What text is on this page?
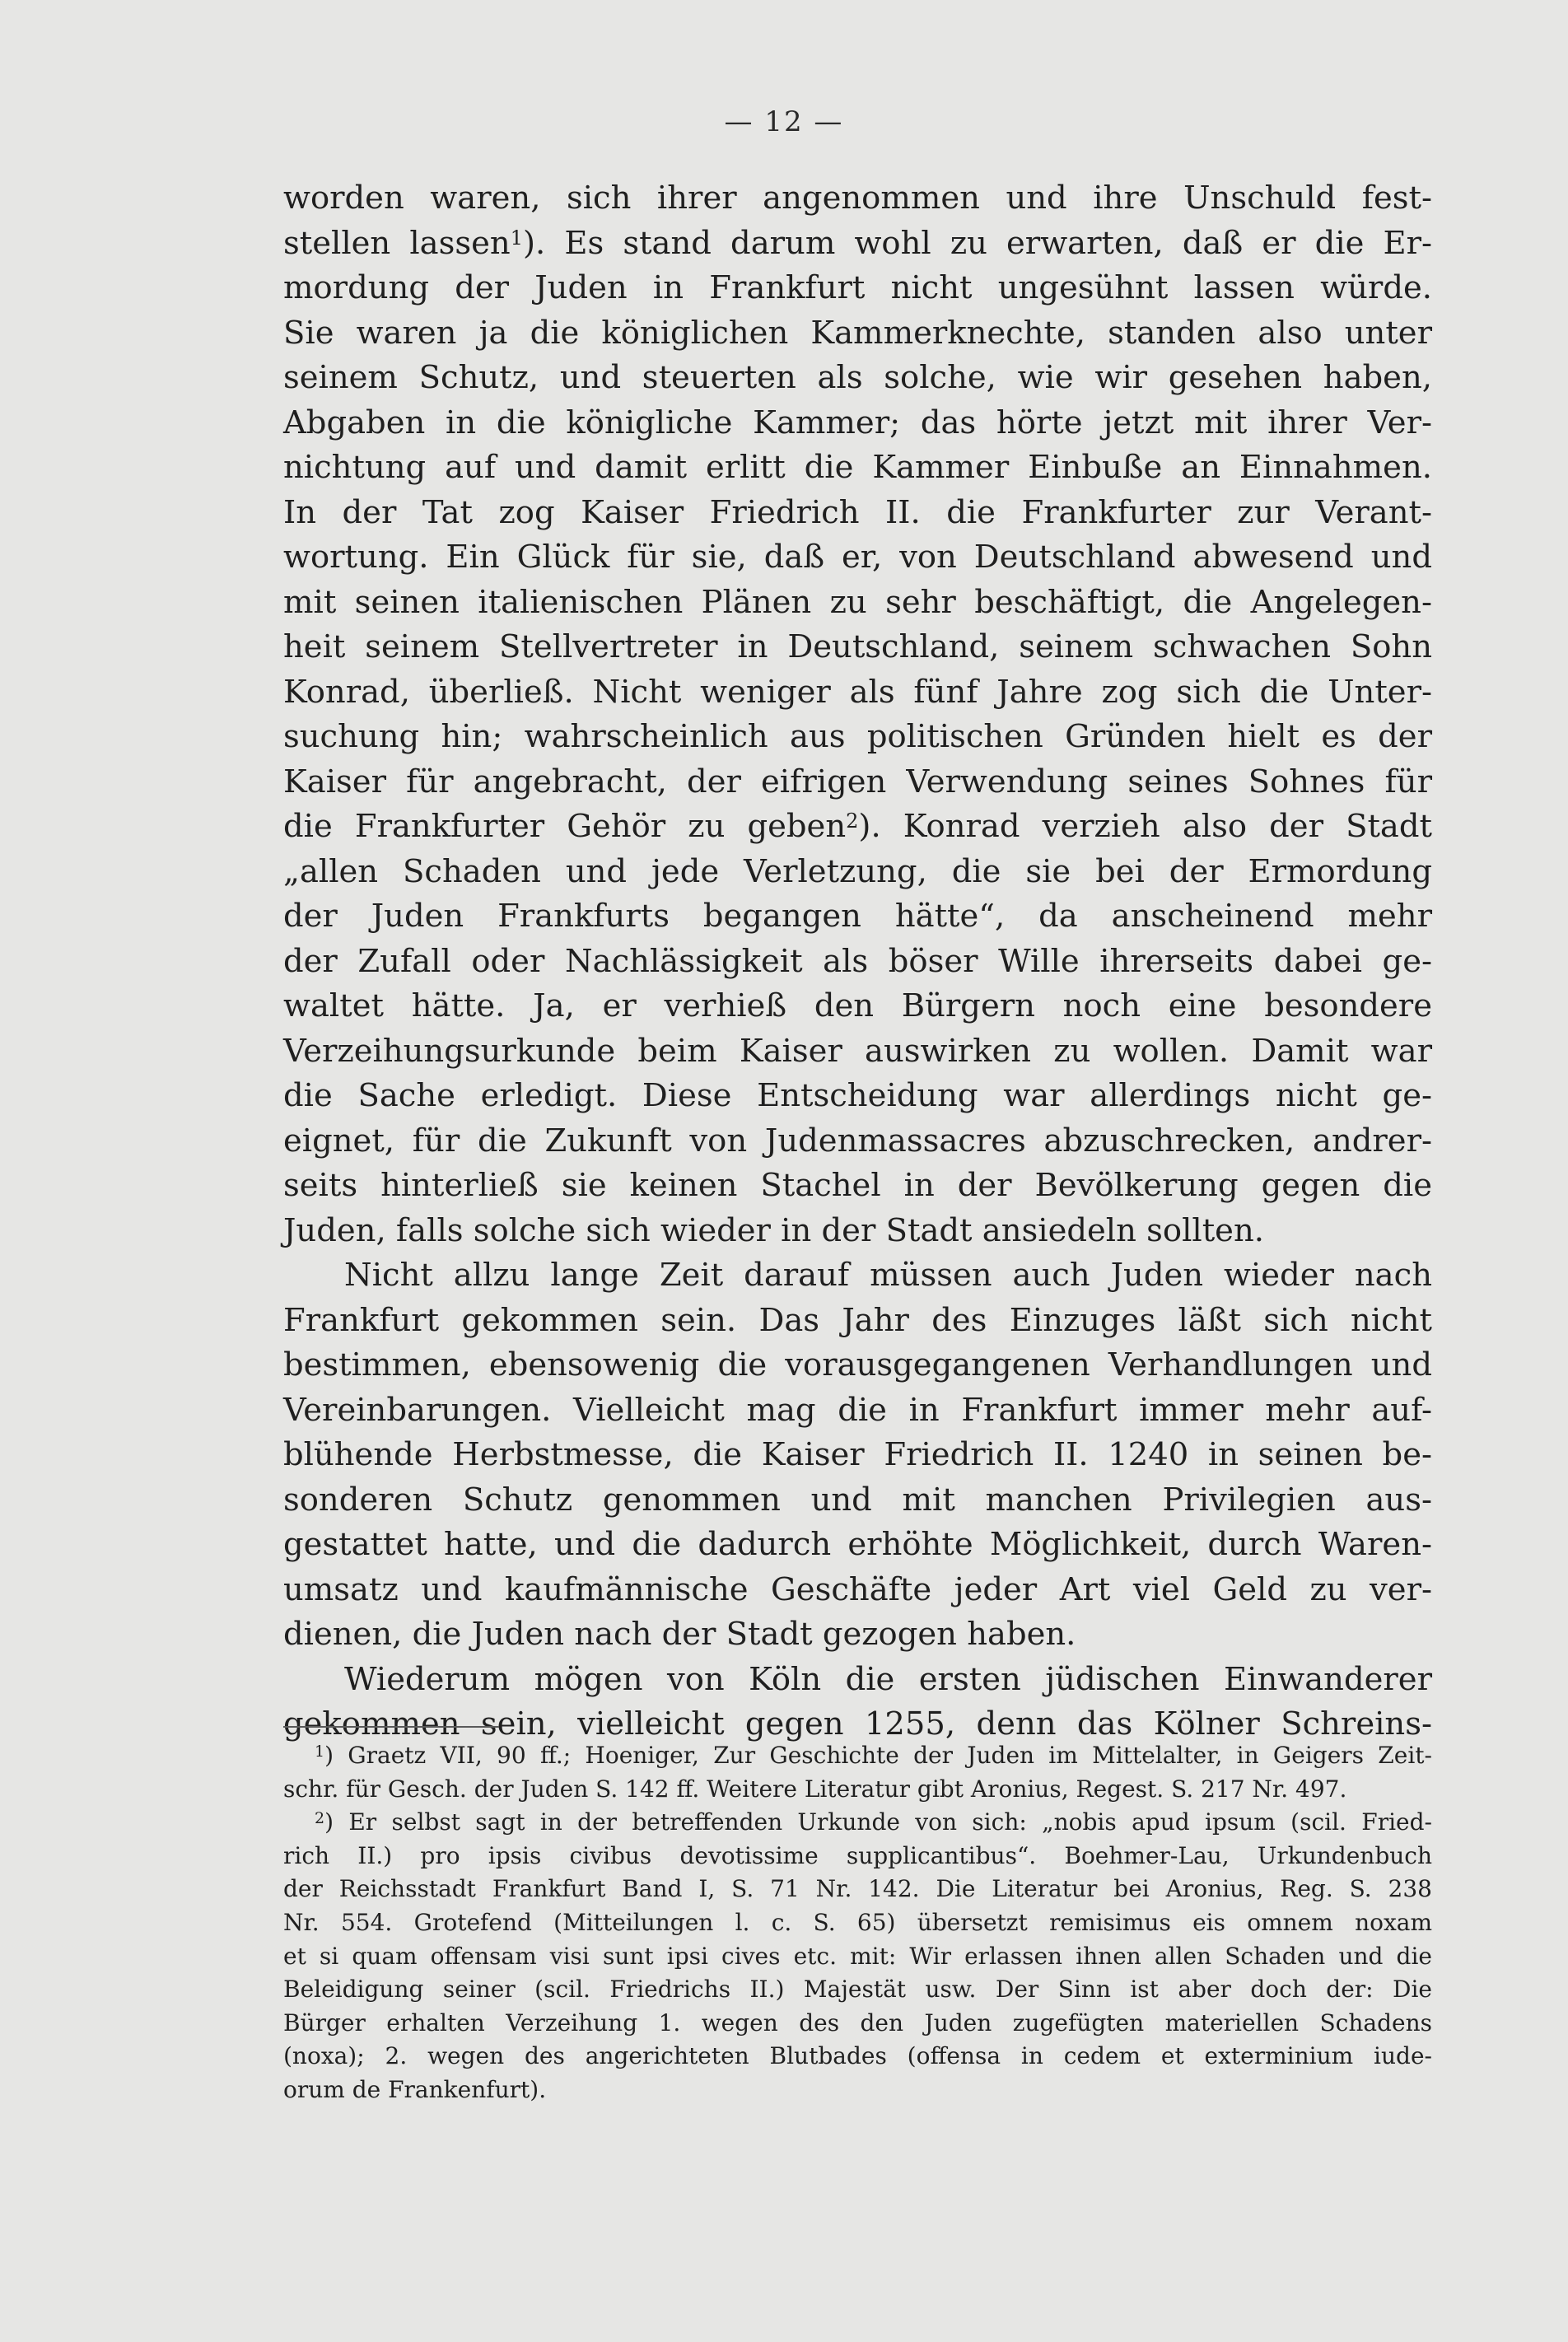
— 12 —
worden waren, sich ihrer angenommen und ihre Unschuld fest-
stellen lassen$^1$). Es stand darum wohl zu erwarten, daß er die Er-
mordung der Juden in Frankfurt nicht ungesühnt lassen würde.
Sie waren ja die königlichen Kammerknechte, standen also unter
seinem Schutz, und steuerten als solche, wie wir gesehen haben,
Abgaben in die königliche Kammer; das hörte jetzt mit ihrer Ver-
nichtung auf und damit erlitt die Kammer Einbuße an Einnahmen.
In der Tat zog Kaiser Friedrich II. die Frankfurter zur Verant-
wortung. Ein Glück für sie, daß er, von Deutschland abwesend und
mit seinen italienischen Plänen zu sehr beschäftigt, die Angelegen-
heit seinem Stellvertreter in Deutschland, seinem schwachen Sohn
Konrad, überließ. Nicht weniger als fünf Jahre zog sich die Unter-
suchung hin; wahrscheinlich aus politischen Gründen hielt es der
Kaiser für angebracht, der eifrigen Verwendung seines Sohnes für
die Frankfurter Gehör zu geben$^2$). Konrad verzieh also der Stadt
„allen Schaden und jede Verletzung, die sie bei der Ermordung
der Juden Frankfurts begangen hätte“, da anscheinend mehr
der Zufall oder Nachlässigkeit als böser Wille ihrerseits dabei ge-
waltet hätte. Ja, er verhieß den Bürgern noch eine besondere
Verzeihungsurkunde beim Kaiser auswirken zu wollen. Damit war
die Sache erledigt. Diese Entscheidung war allerdings nicht ge-
eignet, für die Zukunft von Judenmassacres abzuschrecken, andrer-
seits hinterließ sie keinen Stachel in der Bevölkerung gegen die
Juden, falls solche sich wieder in der Stadt ansiedeln sollten.
Nicht allzu lange Zeit darauf müssen auch Juden wieder nach
Frankfurt gekommen sein. Das Jahr des Einzuges läßt sich nicht
bestimmen, ebensowenig die vorausgegangenen Verhandlungen und
Vereinbarungen. Vielleicht mag die in Frankfurt immer mehr auf-
blühende Herbstmesse, die Kaiser Friedrich II. 1240 in seinen be-
sonderen Schutz genommen und mit manchen Privilegien aus-
gestattet hatte, und die dadurch erhöhte Möglichkeit, durch Waren-
umsatz und kaufmännische Geschäfte jeder Art viel Geld zu ver-
dienen, die Juden nach der Stadt gezogen haben.
Wiederum mögen von Köln die ersten jüdischen Einwanderer
gekommen sein, vielleicht gegen 1255, denn das Kölner Schreins-
$^1$) Graetz VII, 90 ff.; Hoeniger, Zur Geschichte der Juden im Mittelalter, in Geigers Zeit-
schr. für Gesch. der Juden S. 142 ff. Weitere Literatur gibt Aronius, Regest. S. 217 Nr. 497.
$^2$) Er selbst sagt in der betreffenden Urkunde von sich: „nobis apud ipsum (scil. Fried-
rich II.) pro ipsis civibus devotissime supplicantibus“. Boehmer-Lau, Urkundenbuch
der Reichsstadt Frankfurt Band I, S. 71 Nr. 142. Die Literatur bei Aronius, Reg. S. 238
Nr. 554. Grotefend (Mitteilungen l. c. S. 65) übersetzt remisimus eis omnem noxam
et si quam offensam visi sunt ipsi cives etc. mit: Wir erlassen ihnen allen Schaden und die
Beleidigung seiner (scil. Friedrichs II.) Majestät usw. Der Sinn ist aber doch der: Die
Bürger erhalten Verzeihung 1. wegen des den Juden zugefügten materiellen Schadens
(noxa); 2. wegen des angerichteten Blutbades (offensa in cedem et exterminium iude-
orum de Frankenfurt).
